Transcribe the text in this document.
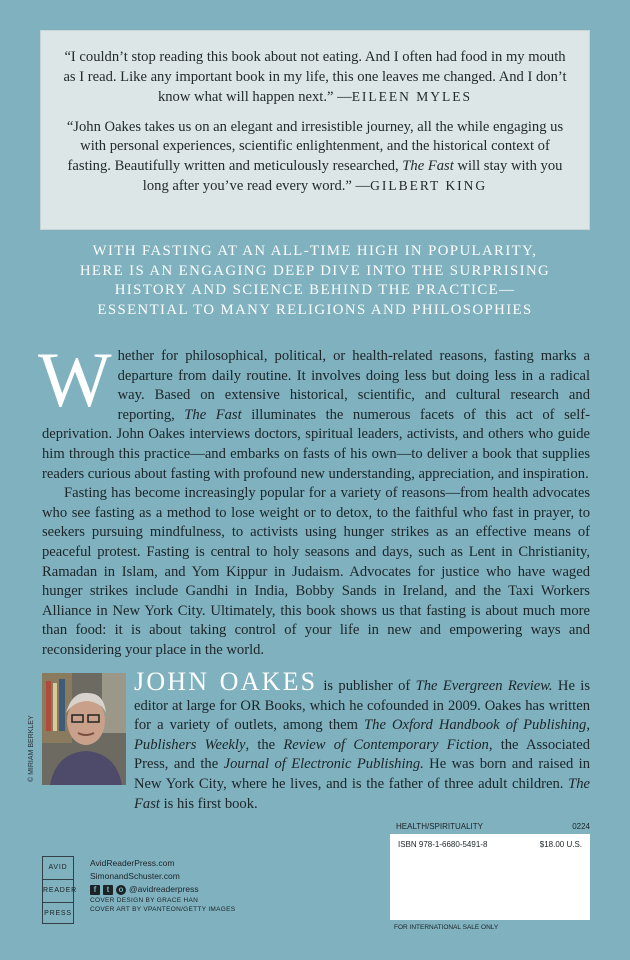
“I couldn’t stop reading this book about not eating. And I often had food in my mouth as I read. Like any important book in my life, this one leaves me changed. And I don’t know what will happen next.” —EILEEN MYLES

“John Oakes takes us on an elegant and irresistible journey, all the while engaging us with personal experiences, scientific enlightenment, and the historical context of fasting. Beautifully written and meticulously researched, The Fast will stay with you long after you’ve read every word.” —GILBERT KING

WITH FASTING AT AN ALL-TIME HIGH IN POPULARITY,
HERE IS AN ENGAGING DEEP DIVE INTO THE SURPRISING
HISTORY AND SCIENCE BEHIND THE PRACTICE—
ESSENTIAL TO MANY RELIGIONS AND PHILOSOPHIES

Whether for philosophical, political, or health-related reasons, fasting marks a departure from daily routine. It involves doing less but doing less in a radical way. Based on extensive historical, scientific, and cultural research and reporting, The Fast illuminates the numerous facets of this act of self-deprivation. John Oakes interviews doctors, spiritual leaders, activists, and others who guide him through this practice—and embarks on fasts of his own—to deliver a book that supplies readers curious about fasting with profound new understanding, appreciation, and inspiration.

Fasting has become increasingly popular for a variety of reasons—from health advocates who see fasting as a method to lose weight or to detox, to the faithful who fast in prayer, to seekers pursuing mindfulness, to activists using hunger strikes as an effective means of peaceful protest. Fasting is central to holy seasons and days, such as Lent in Christianity, Ramadan in Islam, and Yom Kippur in Judaism. Advocates for justice who have waged hunger strikes include Gandhi in India, Bobby Sands in Ireland, and the Taxi Workers Alliance in New York City. Ultimately, this book shows us that fasting is about much more than food: it is about taking control of your life in new and empowering ways and reconsidering your place in the world.

© MIRIAM BERKLEY
JOHN OAKES is publisher of The Evergreen Review. He is editor at large for OR Books, which he cofounded in 2009. Oakes has written for a variety of outlets, among them The Oxford Handbook of Publishing, Publishers Weekly, the Review of Contemporary Fiction, the Associated Press, and the Journal of Electronic Publishing. He was born and raised in New York City, where he lives, and is the father of three adult children. The Fast is his first book.
AVID
READER
PRESS
AvidReaderPress.com
SimonandSchuster.com
f	t	o @avidreaderpress
COVER DESIGN BY GRACE HAN
COVER ART BY VPANTEON/GETTY IMAGES
HEALTH/SPIRITUALITY	0224
ISBN 978-1-6680-5491-8	$18.00 U.S.
FOR INTERNATIONAL SALE ONLY
